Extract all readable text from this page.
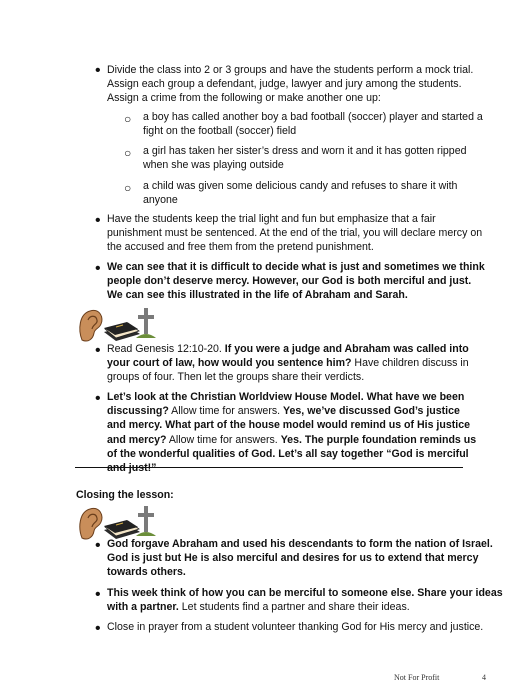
• Divide the class into 2 or 3 groups and have the students perform a mock trial.
Assign each group a defendant, judge, lawyer and jury among the students.
Assign a crime from the following or make another one up:
○ a boy has called another boy a bad football (soccer) player and started a
fight on the football (soccer) field
○ a girl has taken her sister’s dress and worn it and it has gotten ripped
when she was playing outside
○ a child was given some delicious candy and refuses to share it with
anyone
• Have the students keep the trial light and fun but emphasize that a fair
punishment must be sentenced. At the end of the trial, you will declare mercy on
the accused and free them from the pretend punishment.
• We can see that it is difficult to decide what is just and sometimes we think
people don’t deserve mercy. However, our God is both merciful and just.
We can see this illustrated in the life of Abraham and Sarah.
• Read Genesis 12:10-20. If you were a judge and Abraham was called into
your court of law, how would you sentence him? Have children discuss in
groups of four. Then let the groups share their verdicts.
• Let’s look at the Christian Worldview House Model. What have we been
discussing? Allow time for answers. Yes, we’ve discussed God’s justice
and mercy. What part of the house model would remind us of His justice
and mercy? Allow time for answers. Yes. The purple foundation reminds us
of the wonderful qualities of God. Let’s all say together “God is merciful
and just!”
Closing the lesson:
• God forgave Abraham and used his descendants to form the nation of Israel.
God is just but He is also merciful and desires for us to extend that mercy
towards others.
• This week think of how you can be merciful to someone else. Share your ideas
with a partner. Let students find a partner and share their ideas.
• Close in prayer from a student volunteer thanking God for His mercy and justice.
Not For Profit	4
